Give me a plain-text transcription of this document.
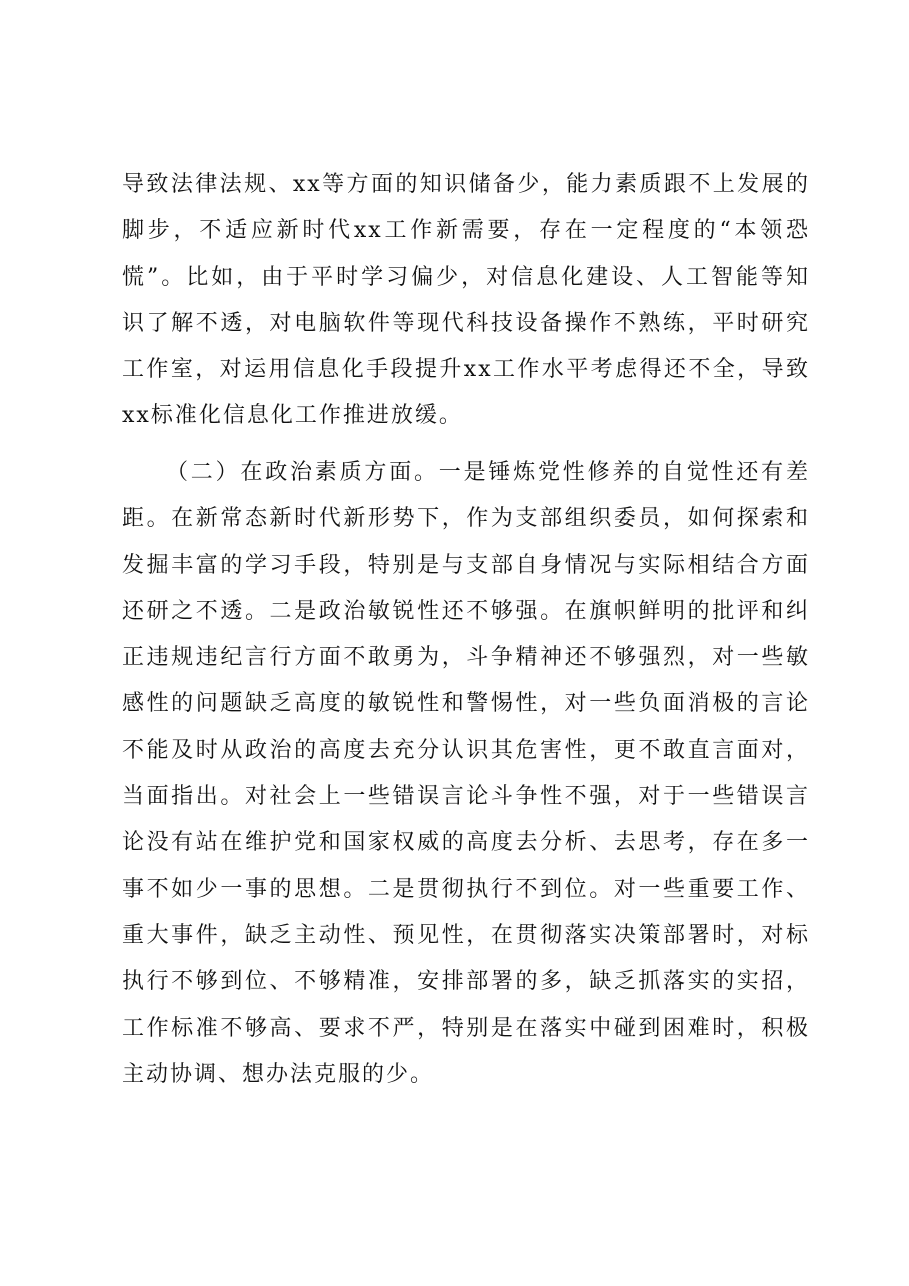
导致法律法规、xx等方面的知识储备少，能力素质跟不上发展的
脚步，不适应新时代xx工作新需要，存在一定程度的“本领恐
慌”。比如，由于平时学习偏少，对信息化建设、人工智能等知
识了解不透，对电脑软件等现代科技设备操作不熟练，平时研究
工作室，对运用信息化手段提升xx工作水平考虑得还不全，导致
xx标准化信息化工作推进放缓。
（二）在政治素质方面。一是锤炼党性修养的自觉性还有差
距。在新常态新时代新形势下，作为支部组织委员，如何探索和
发掘丰富的学习手段，特别是与支部自身情况与实际相结合方面
还研之不透。二是政治敏锐性还不够强。在旗帜鲜明的批评和纠
正违规违纪言行方面不敢勇为，斗争精神还不够强烈，对一些敏
感性的问题缺乏高度的敏锐性和警惕性，对一些负面消极的言论
不能及时从政治的高度去充分认识其危害性，更不敢直言面对，
当面指出。对社会上一些错误言论斗争性不强，对于一些错误言
论没有站在维护党和国家权威的高度去分析、去思考，存在多一
事不如少一事的思想。二是贯彻执行不到位。对一些重要工作、
重大事件，缺乏主动性、预见性，在贯彻落实决策部署时，对标
执行不够到位、不够精准，安排部署的多，缺乏抓落实的实招，
工作标准不够高、要求不严，特别是在落实中碰到困难时，积极
主动协调、想办法克服的少。
